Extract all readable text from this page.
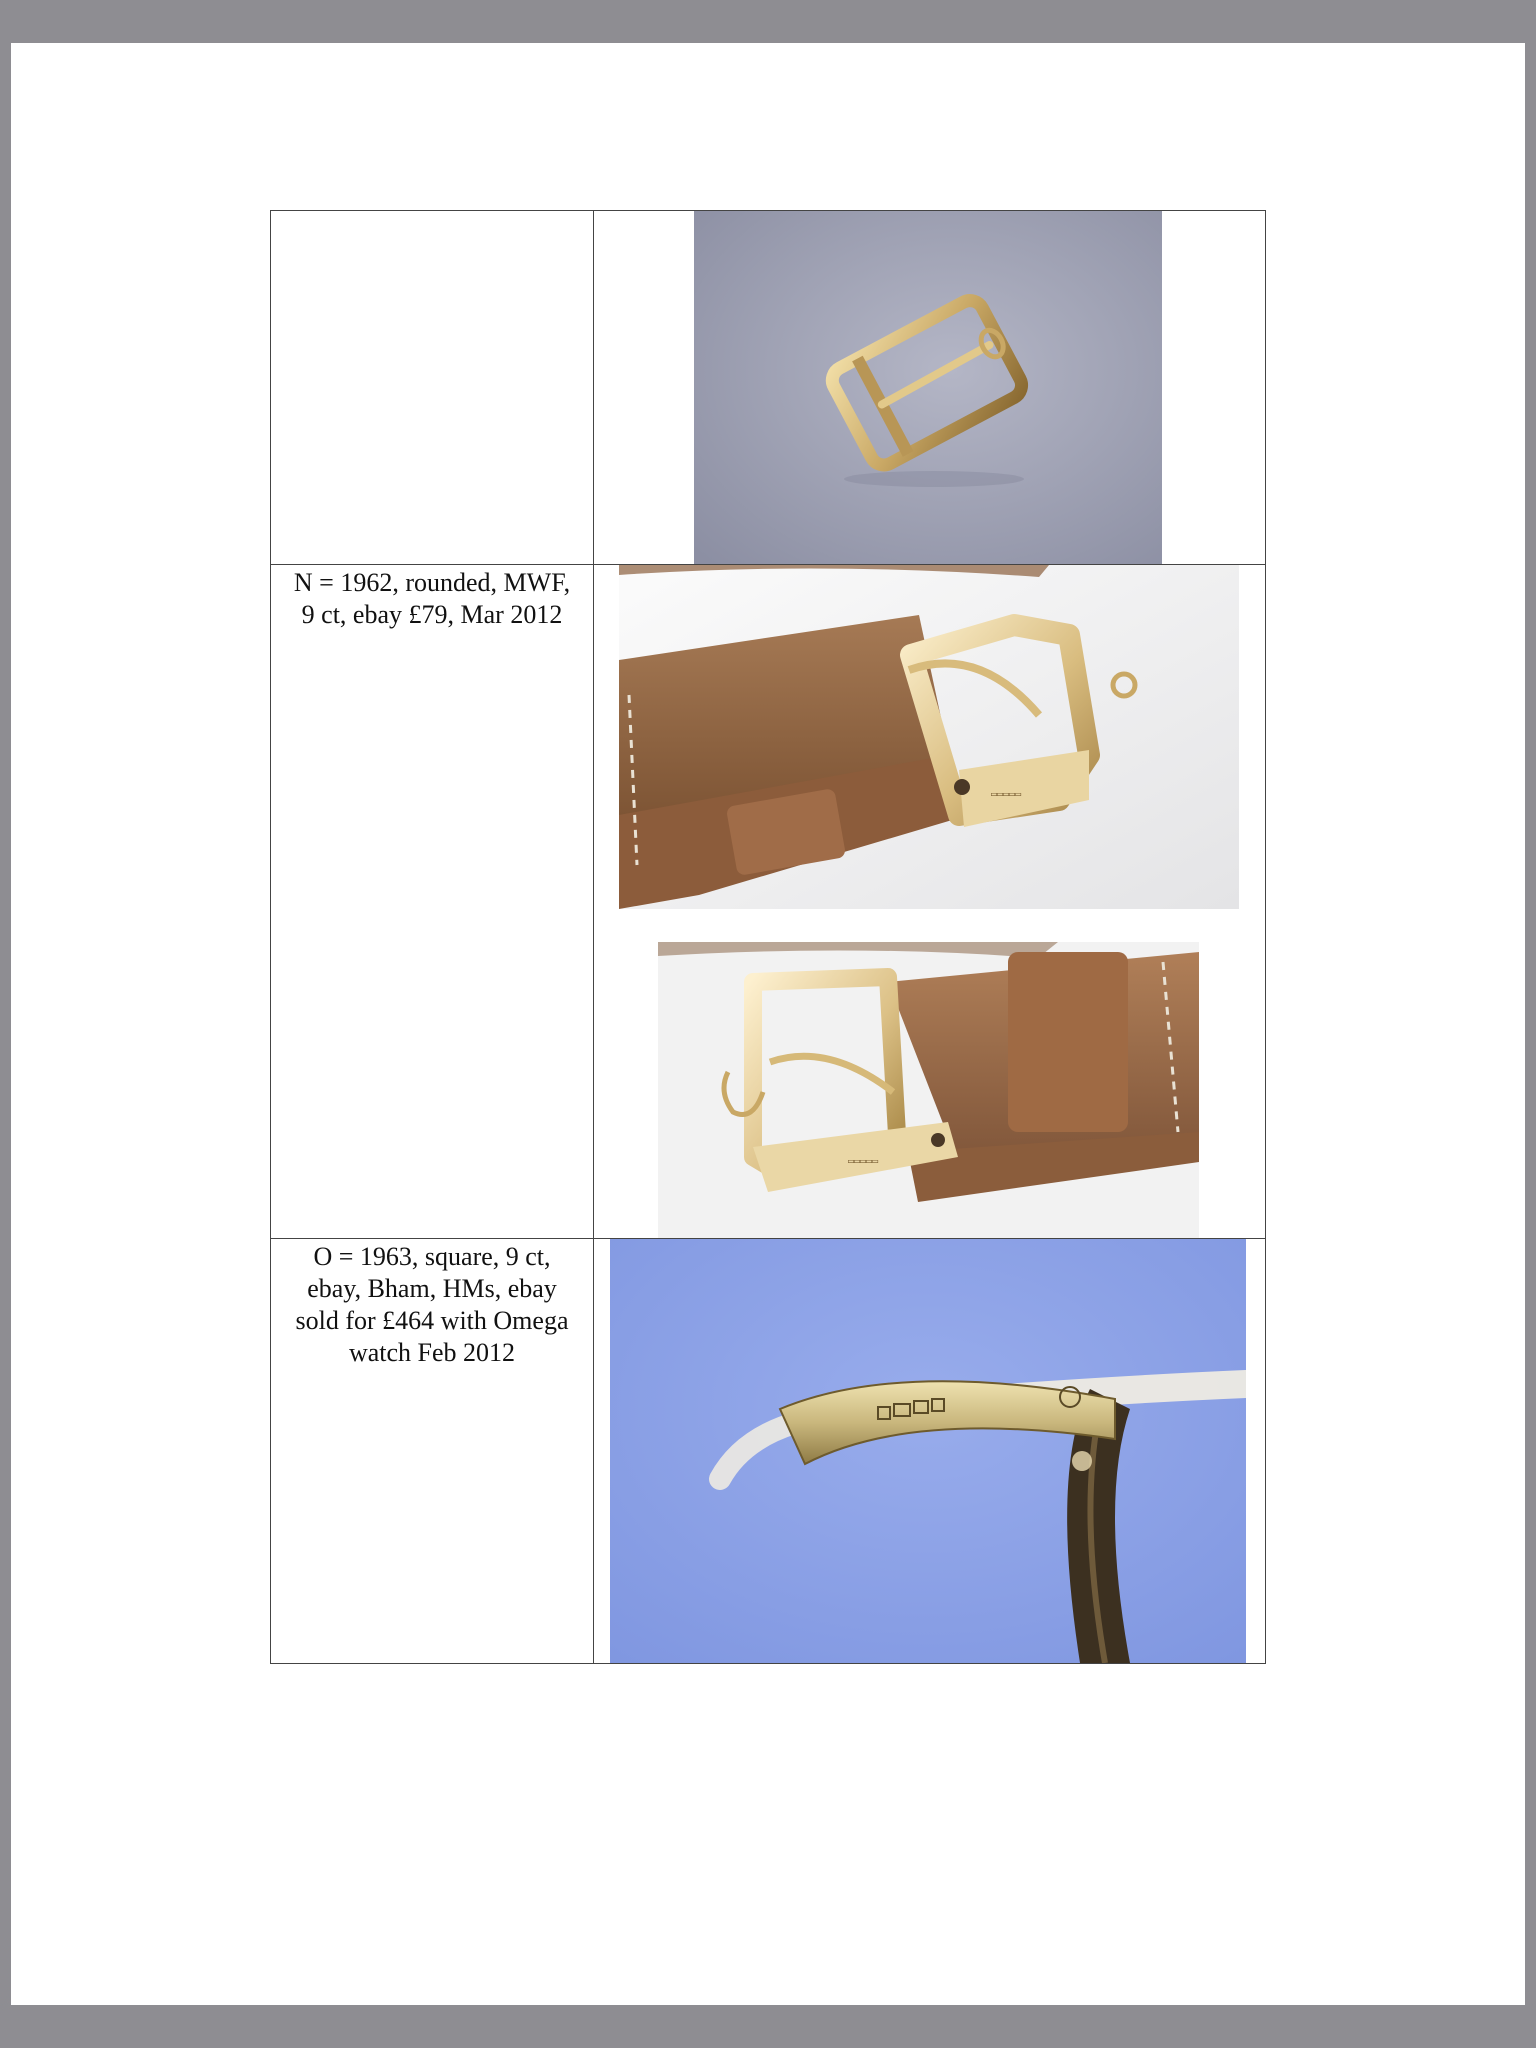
N = 1962, rounded, MWF, 9 ct, ebay £79, Mar 2012	▭▭▭▭▭
▭▭▭▭▭

O = 1963, square, 9 ct, ebay, Bham, HMs, ebay sold for £464 with Omega watch Feb 2012
